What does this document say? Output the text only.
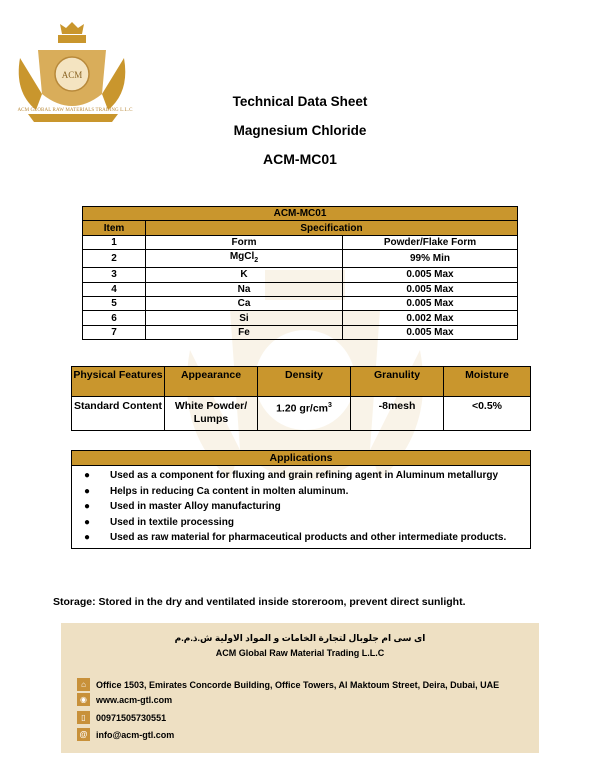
ACM
ACM GLOBAL RAW MATERIALS TRADING L.L.C
Technical Data Sheet
Magnesium Chloride
ACM-MC01
ACM-MC01		
Item	Specification	
1	Form	Powder/Flake Form
2	MgCl$_2$	99% Min
3	K	0.005 Max
4	Na	0.005 Max
5	Ca	0.005 Max
6	Si	0.002 Max
7	Fe	0.005 Max
Physical Features	Appearance	Density	Granulity	Moisture
Standard Content	White Powder/ Lumps	1.20 $gr/cm^3$	-8mesh	<0.5%
Applications
● Used as a component for fluxing and grain refining agent in Aluminum metallurgy
● Helps in reducing Ca content in molten aluminum.
● Used in master Alloy manufacturing
● Used in textile processing
● Used as raw material for pharmaceutical products and other intermediate products.
Storage: Stored in the dry and ventilated inside storeroom, prevent direct sunlight.
ای سی ام جلوبال لتجارة الخامات و المواد الاولية ش.ذ.م.م
ACM Global Raw Material Trading L.L.C
⌂	Office 1503, Emirates Concorde Building, Office Towers, Al Maktoum Street, Deira, Dubai, UAE
◉	www.acm-gtl.com
▯	00971505730551
@ info@acm-gtl.com
